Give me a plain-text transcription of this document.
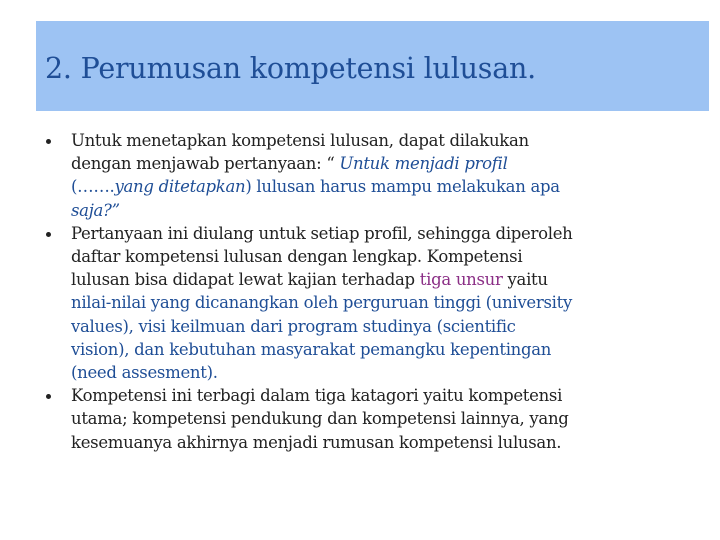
2. Perumusan kompetensi lulusan.

Untuk menetapkan kompetensi lulusan, dapat dilakukan

dengan menjawab pertanyaan: “ Untuk menjadi profil

(…….yang ditetapkan) lulusan harus mampu melakukan apa

saja?”

Pertanyaan ini diulang untuk setiap profil, sehingga diperoleh

daftar kompetensi lulusan dengan lengkap. Kompetensi

lulusan bisa didapat lewat kajian terhadap tiga unsur yaitu

nilai-nilai yang dicanangkan oleh perguruan tinggi (university

values), visi keilmuan dari program studinya (scientific

vision), dan kebutuhan masyarakat pemangku kepentingan

(need assesment).

Kompetensi ini terbagi dalam tiga katagori yaitu kompetensi

utama; kompetensi pendukung dan kompetensi lainnya, yang

kesemuanya akhirnya menjadi rumusan kompetensi lulusan.
